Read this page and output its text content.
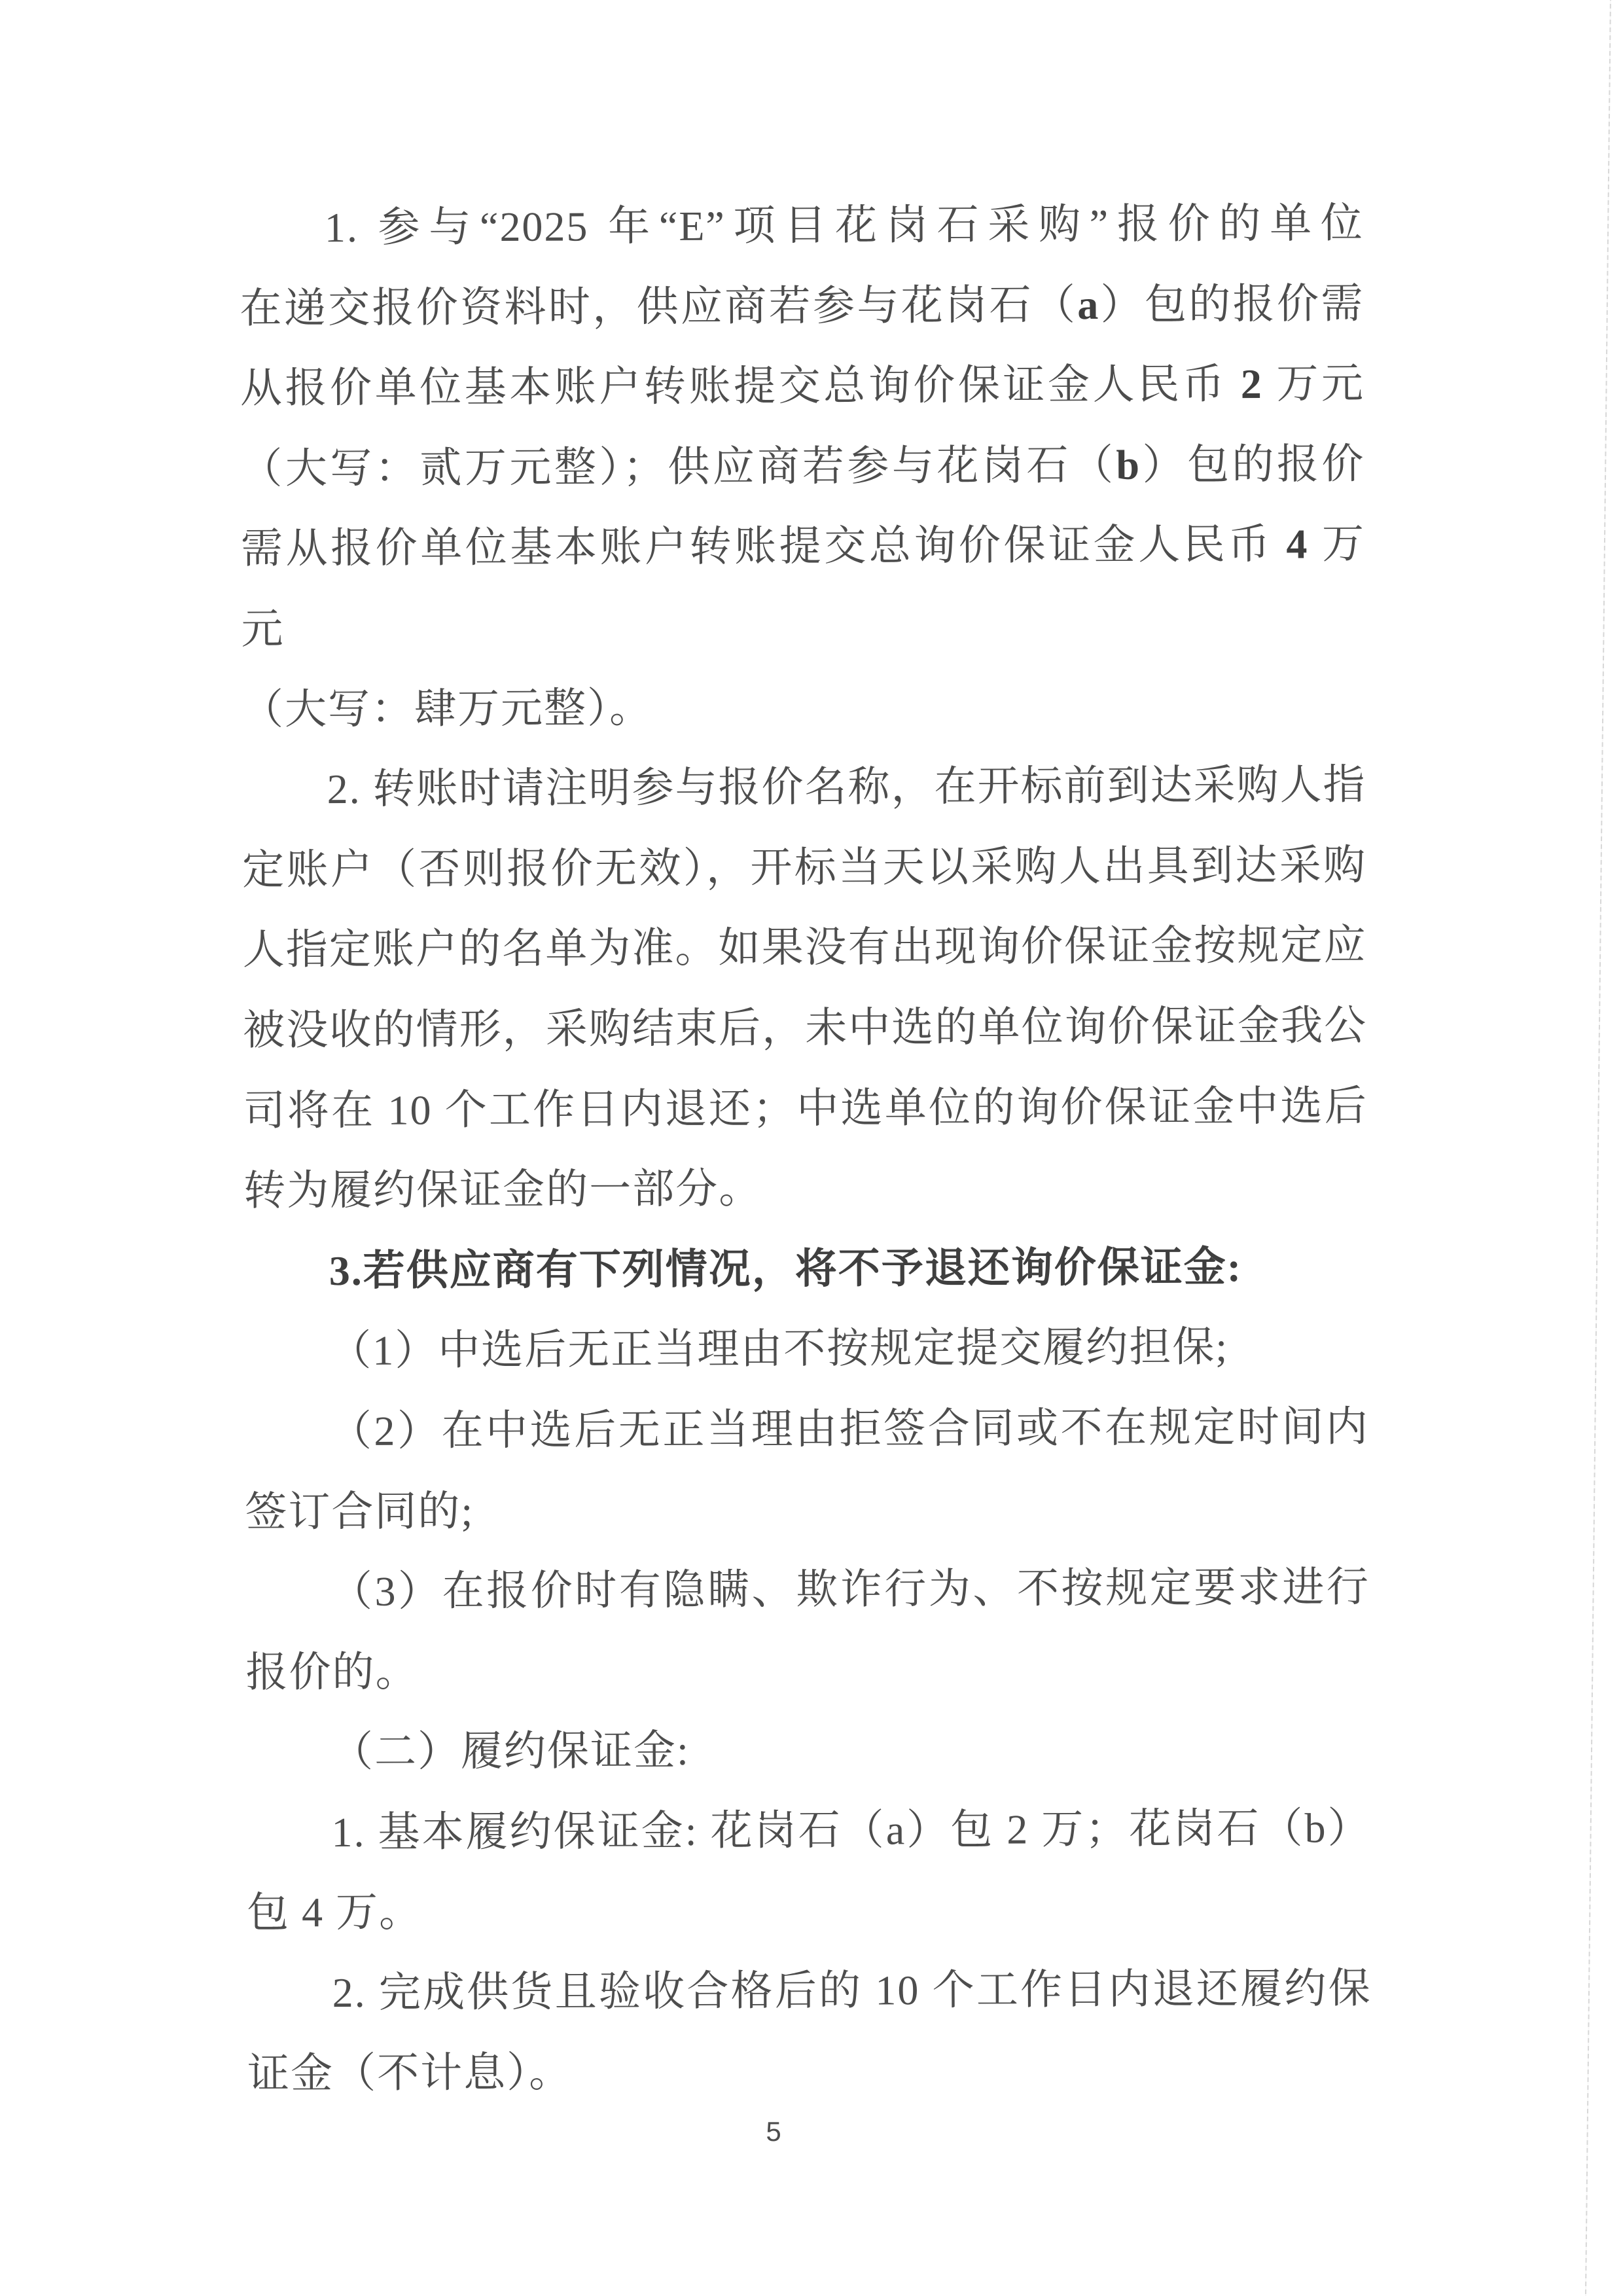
1. 参与“2025 年“E”项目花岗石采购”报价的单位
在递交报价资料时，供应商若参与花岗石（a）包的报价需
从报价单位基本账户转账提交总询价保证金人民币 2 万元
（大写：贰万元整）；供应商若参与花岗石（b）包的报价
需从报价单位基本账户转账提交总询价保证金人民币 4 万元
（大写：肆万元整）。
2. 转账时请注明参与报价名称，在开标前到达采购人指
定账户（否则报价无效），开标当天以采购人出具到达采购
人指定账户的名单为准。如果没有出现询价保证金按规定应
被没收的情形，采购结束后，未中选的单位询价保证金我公
司将在 10 个工作日内退还；中选单位的询价保证金中选后
转为履约保证金的一部分。
3.若供应商有下列情况，将不予退还询价保证金:
（1）中选后无正当理由不按规定提交履约担保;
（2）在中选后无正当理由拒签合同或不在规定时间内
签订合同的;
（3）在报价时有隐瞒、欺诈行为、不按规定要求进行
报价的。
（二）履约保证金:
1. 基本履约保证金: 花岗石（a）包 2 万；花岗石（b）
包 4 万。
2. 完成供货且验收合格后的 10 个工作日内退还履约保
证金（不计息）。
5
